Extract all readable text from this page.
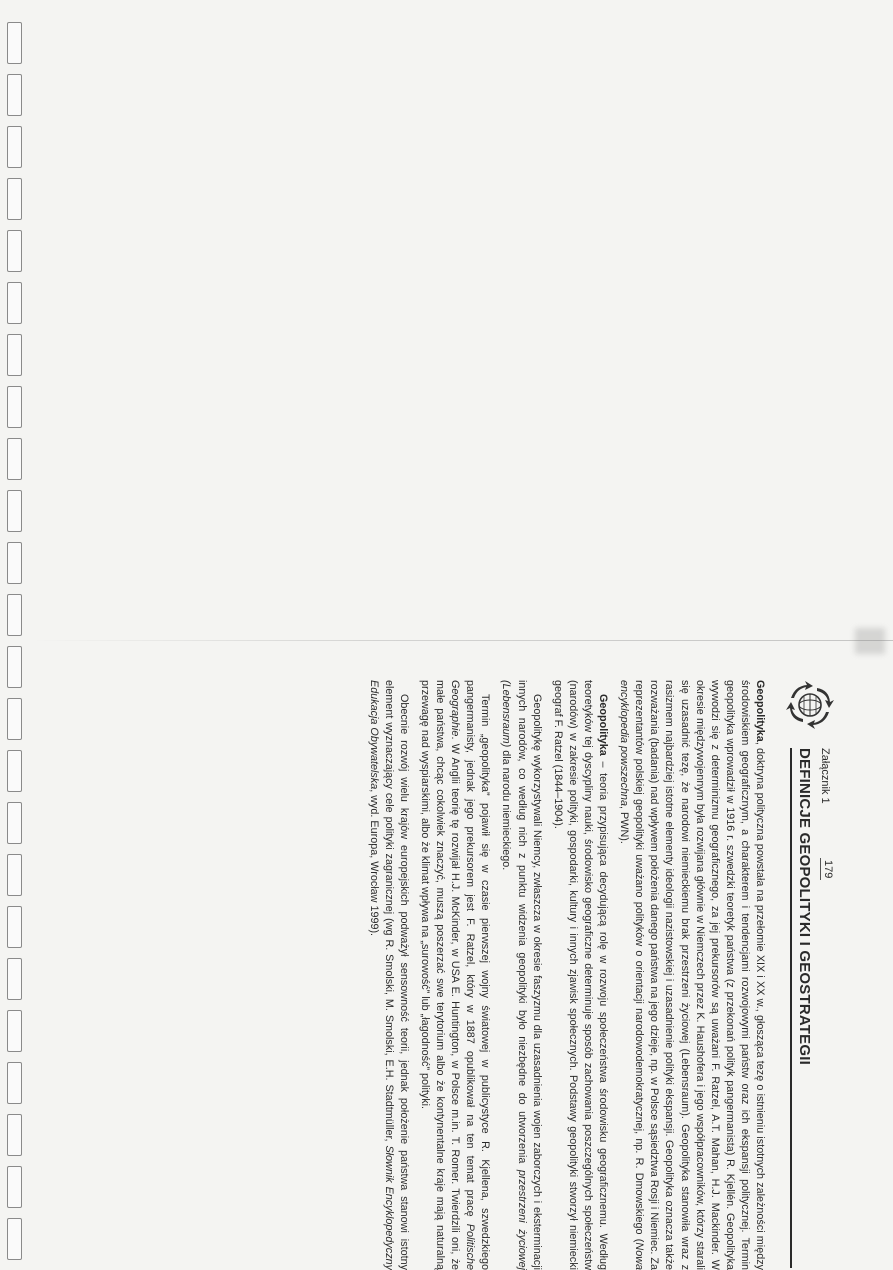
Załącznik 1
DEFINICJE GEOPOLITYKI I GEOSTRATEGII

Geopolityka, doktryna polityczna powstała na przełomie XIX i XX w., głosząca tezę o istnieniu istotnych zależności między środowiskiem geograficznym, a charakterem i tendencjami rozwojowymi państw oraz ich ekspansji politycznej. Termin geopolityka wprowadził w 1916 r. szwedzki teoretyk państwa (z przekonań polityk pangermanista) R. Kjellén. Geopolityka wywodzi się z determinizmu geograficznego, za jej prekursorów są uważani F. Ratzel, A.T. Mahan, H.J. Mackinder. W okresie międzywojennym była rozwijana głównie w Niemczech przez K. Haushofera i jego współpracowników, którzy starali się uzasadnić tezę, że narodowi niemieckiemu brak przestrzeni życiowej (Lebensraum). Geopolityka stanowiła wraz z rasizmem najbardziej istotne elementy ideologii nazistowskiej i uzasadnienie polityki ekspansji. Geopolityka oznacza także rozważania (badania) nad wpływem położenia danego państwa na jego dzieje, np. w Polsce sąsiedztwa Rosji i Niemiec. Za reprezentantów polskiej geopolityki uważano polityków o orientacji narodowodemokratycznej, np. R. Dmowskiego (Nowa encyklopedia powszechna, PWN).

Geopolityka – teoria przypisująca decydującą rolę w rozwoju społeczeństwa środowisku geograficznemu. Według teoretyków tej dyscypliny nauki, środowisko geograficzne determinuje sposób zachowania poszczególnych społeczeństw (narodów) w zakresie polityki, gospodarki, kultury i innych zjawisk społecznych. Podstawy geopolityki stworzył niemiecki geograf F. Ratzel (1844–1904).

Geopolitykę wykorzystywali Niemcy, zwłaszcza w okresie faszyzmu dla uzasadnienia wojen zaborczych i eksterminacji innych narodów, co według nich z punktu widzenia geopolityki było niezbędne do utworzenia przestrzeni życiowej (Lebensraum) dla narodu niemieckiego.

Termin „geopolityka” pojawił się w czasie pierwszej wojny światowej w publicystyce R. Kjellena, szwedzkiego pangermanisty, jednak jego prekursorem jest F. Ratzel, który w 1887 opublikował na ten temat pracę Politische Geographie. W Anglii teorię tę rozwijał H.J. McKinder, w USA E. Huntington, w Polsce m.in. T. Romer. Twierdzili oni, że małe państwa, chcąc cokolwiek znaczyć, muszą poszerzać swe terytorium albo że kontynentalne kraje mają naturalną przewagę nad wyspiarskimi, albo że klimat wpływa na „surowość” lub „łagodność” polityki.

Obecnie rozwój wielu krajów europejskich podważył sensowność teorii, jednak położenie państwa stanowi istotny element wyznaczający cele polityki zagranicznej (wg R. Smolski, M. Smolski, E.H. Stadtmüller, Słownik Encyklopedyczny Edukacja Obywatelska, wyd. Europa, Wrocław 1999).	179
